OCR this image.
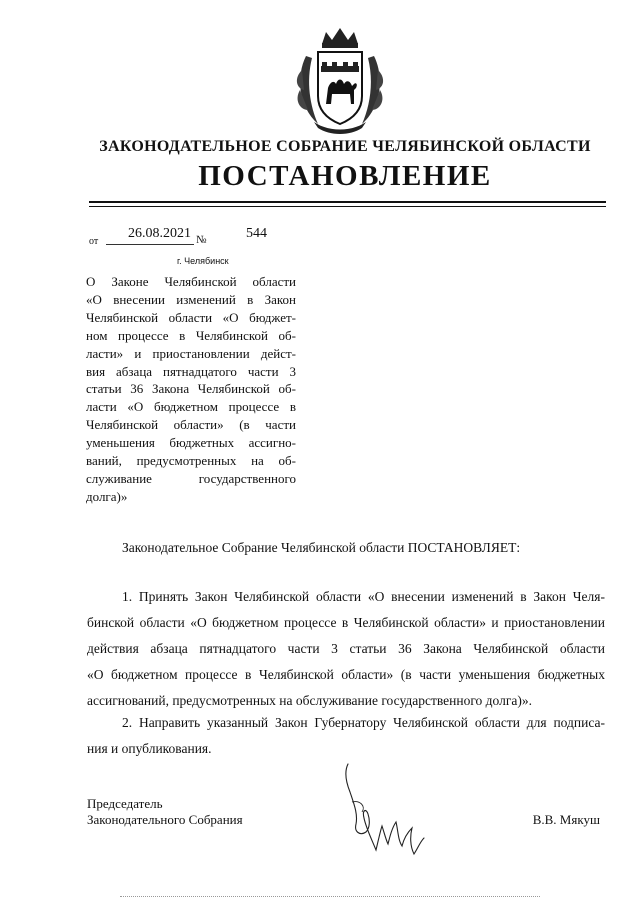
ЗАКОНОДАТЕЛЬНОЕ СОБРАНИЕ ЧЕЛЯБИНСКОЙ ОБЛАСТИ
ПОСТАНОВЛЕНИЕ
от
26.08.2021 №	544
г. Челябинск
О Законе Челябинской области
«О внесении изменений в Закон
Челябинской области «О бюджет-
ном процессе в Челябинской об-
ласти» и приостановлении дейст-
вия абзаца пятнадцатого части 3
статьи 36 Закона Челябинской об-
ласти «О бюджетном процессе в
Челябинской области» (в части
уменьшения бюджетных ассигно-
ваний, предусмотренных на об-
служивание государственного
долга)»
Законодательное Собрание Челябинской области ПОСТАНОВЛЯЕТ:
1. Принять Закон Челябинской области «О внесении изменений в Закон Челя-
бинской области «О бюджетном процессе в Челябинской области» и приостановлении
действия абзаца пятнадцатого части 3 статьи 36 Закона Челябинской области
«О бюджетном процессе в Челябинской области» (в части уменьшения бюджетных
ассигнований, предусмотренных на обслуживание государственного долга)».
2. Направить указанный Закон Губернатору Челябинской области для подписа-
ния и опубликования.
Председатель
Законодательного Собрания	В.В. Мякуш
